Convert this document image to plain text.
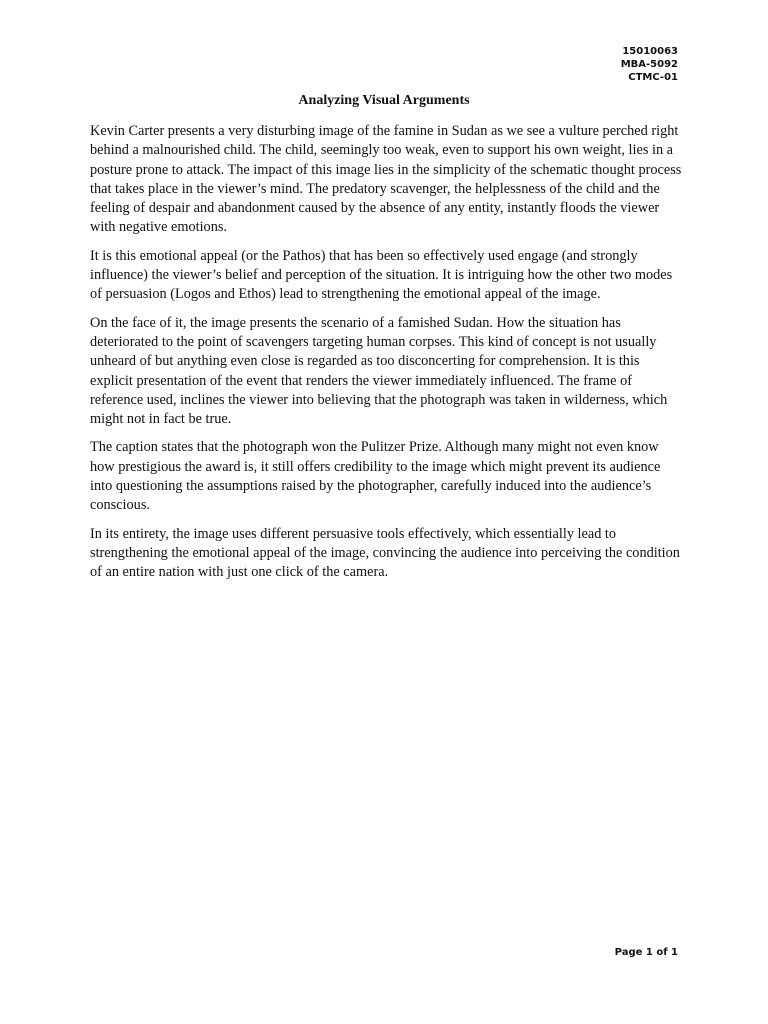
15010063
MBA-5092
CTMC-01
Analyzing Visual Arguments

Kevin Carter presents a very disturbing image of the famine in Sudan as we see a vulture perched right behind a malnourished child. The child, seemingly too weak, even to support his own weight, lies in a posture prone to attack. The impact of this image lies in the simplicity of the schematic thought process that takes place in the viewer’s mind. The predatory scavenger, the helplessness of the child and the feeling of despair and abandonment caused by the absence of any entity, instantly floods the viewer with negative emotions.

It is this emotional appeal (or the Pathos) that has been so effectively used engage (and strongly influence) the viewer’s belief and perception of the situation. It is intriguing how the other two modes of persuasion (Logos and Ethos) lead to strengthening the emotional appeal of the image.

On the face of it, the image presents the scenario of a famished Sudan. How the situation has deteriorated to the point of scavengers targeting human corpses. This kind of concept is not usually unheard of but anything even close is regarded as too disconcerting for comprehension. It is this explicit presentation of the event that renders the viewer immediately influenced. The frame of reference used, inclines the viewer into believing that the photograph was taken in wilderness, which might not in fact be true.

The caption states that the photograph won the Pulitzer Prize. Although many might not even know how prestigious the award is, it still offers credibility to the image which might prevent its audience into questioning the assumptions raised by the photographer, carefully induced into the audience’s conscious.

In its entirety, the image uses different persuasive tools effectively, which essentially lead to strengthening the emotional appeal of the image, convincing the audience into perceiving the condition of an entire nation with just one click of the camera.

Page 1 of 1
